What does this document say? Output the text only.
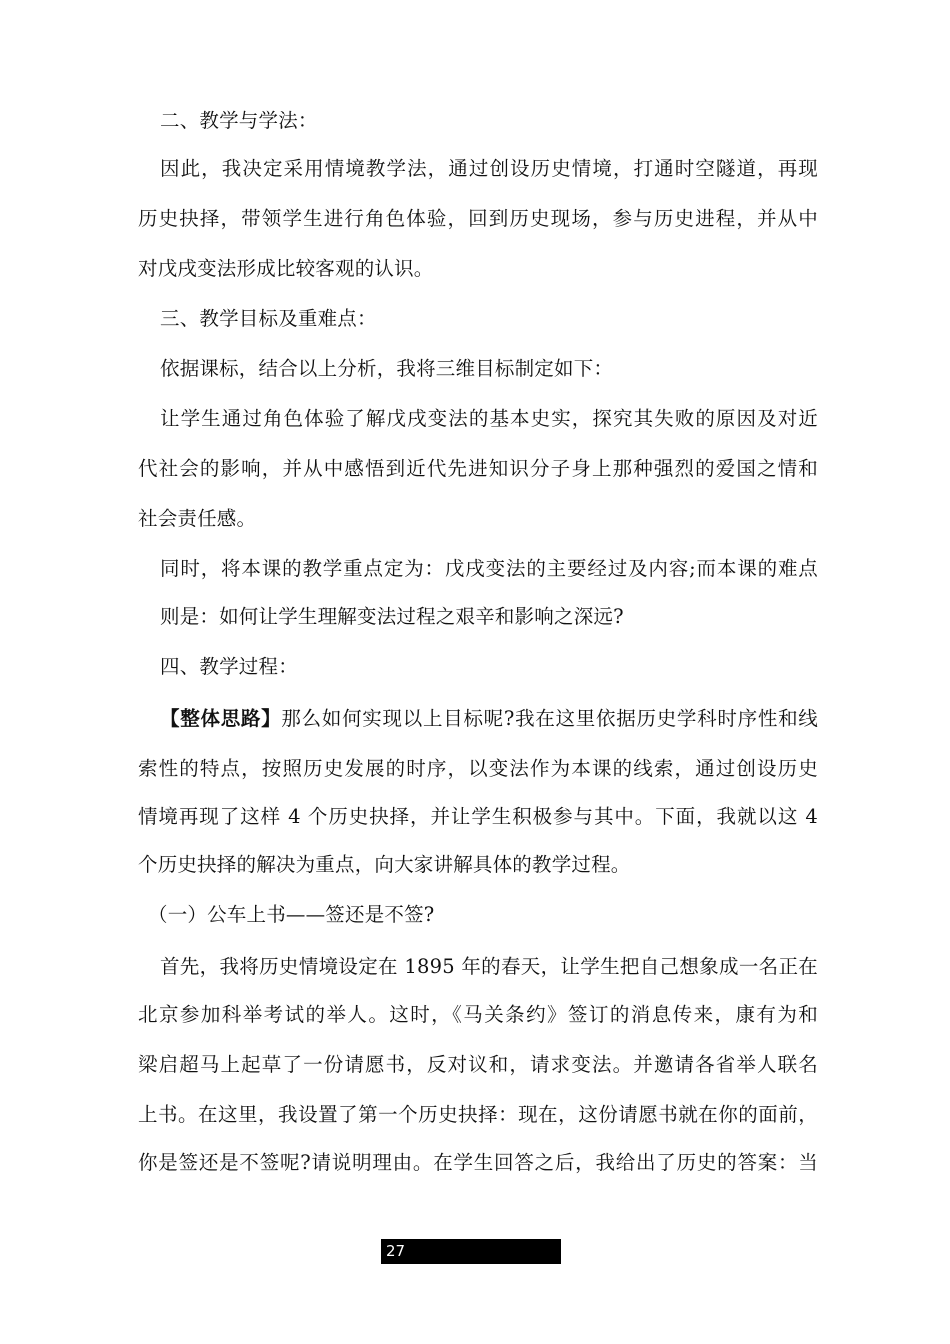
二、教学与学法：
因此，我决定采用情境教学法，通过创设历史情境，打通时空隧道，再现
历史抉择，带领学生进行角色体验，回到历史现场，参与历史进程，并从中
对戊戌变法形成比较客观的认识。
三、教学目标及重难点：
依据课标，结合以上分析，我将三维目标制定如下：
让学生通过角色体验了解戊戌变法的基本史实，探究其失败的原因及对近
代社会的影响，并从中感悟到近代先进知识分子身上那种强烈的爱国之情和
社会责任感。
同时，将本课的教学重点定为：戊戌变法的主要经过及内容;而本课的难点
则是：如何让学生理解变法过程之艰辛和影响之深远?
四、教学过程：
【整体思路】那么如何实现以上目标呢?我在这里依据历史学科时序性和线
索性的特点，按照历史发展的时序，以变法作为本课的线索，通过创设历史
情境再现了这样 4 个历史抉择，并让学生积极参与其中。下面，我就以这 4
个历史抉择的解决为重点，向大家讲解具体的教学过程。
（一）公车上书——签还是不签?
首先，我将历史情境设定在 1895 年的春天，让学生把自己想象成一名正在
北京参加科举考试的举人。这时，《马关条约》签订的消息传来，康有为和
梁启超马上起草了一份请愿书，反对议和，请求变法。并邀请各省举人联名
上书。在这里，我设置了第一个历史抉择：现在，这份请愿书就在你的面前，
你是签还是不签呢?请说明理由。在学生回答之后，我给出了历史的答案：当
27
